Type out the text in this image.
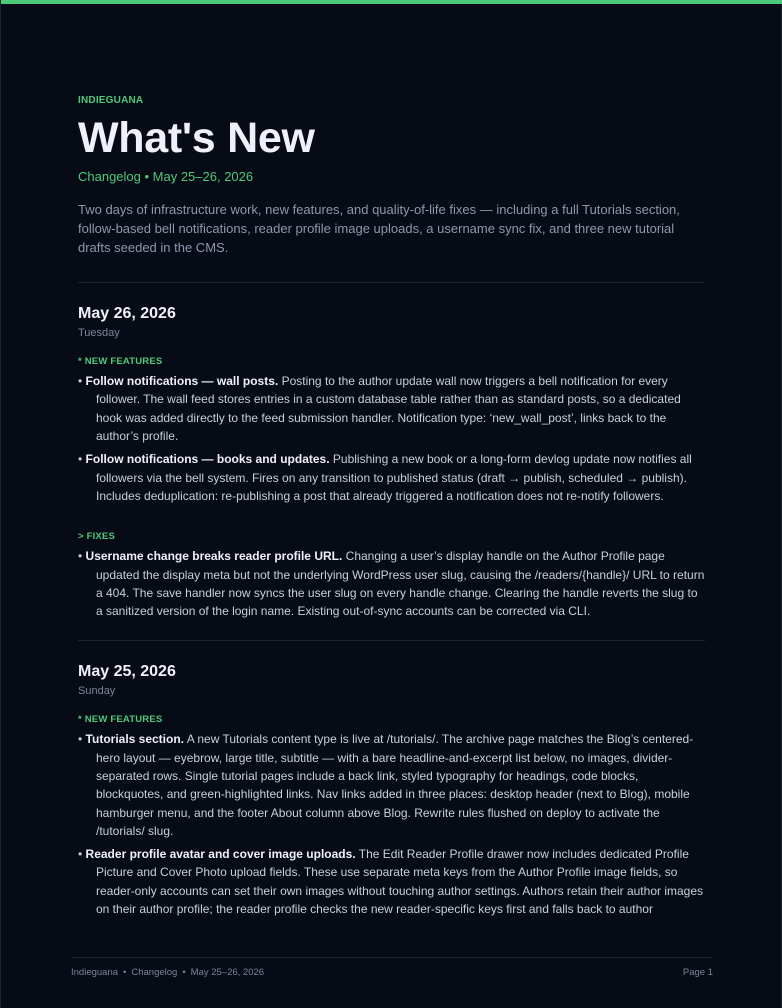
INDIEGUANA
What's New
Changelog • May 25–26, 2026

Two days of infrastructure work, new features, and quality-of-life fixes — including a full Tutorials section, follow-based bell notifications, reader profile image uploads, a username sync fix, and three new tutorial drafts seeded in the CMS.

May 26, 2026
Tuesday
* NEW FEATURES

• Follow notifications — wall posts. Posting to the author update wall now triggers a bell notification for every follower. The wall feed stores entries in a custom database table rather than as standard posts, so a dedicated hook was added directly to the feed submission handler. Notification type: ‘new_wall_post’, links back to the author’s profile.

• Follow notifications — books and updates. Publishing a new book or a long-form devlog update now notifies all followers via the bell system. Fires on any transition to published status (draft → publish, scheduled → publish). Includes deduplication: re-publishing a post that already triggered a notification does not re-notify followers.

> FIXES

• Username change breaks reader profile URL. Changing a user’s display handle on the Author Profile page updated the display meta but not the underlying WordPress user slug, causing the /readers/{handle}/ URL to return a 404. The save handler now syncs the user slug on every handle change. Clearing the handle reverts the slug to a sanitized version of the login name. Existing out-of-sync accounts can be corrected via CLI.

May 25, 2026
Sunday
* NEW FEATURES

• Tutorials section. A new Tutorials content type is live at /tutorials/. The archive page matches the Blog’s centered-hero layout — eyebrow, large title, subtitle — with a bare headline-and-excerpt list below, no images, divider-separated rows. Single tutorial pages include a back link, styled typography for headings, code blocks, blockquotes, and green-highlighted links. Nav links added in three places: desktop header (next to Blog), mobile hamburger menu, and the footer About column above Blog. Rewrite rules flushed on deploy to activate the /tutorials/ slug.

• Reader profile avatar and cover image uploads. The Edit Reader Profile drawer now includes dedicated Profile Picture and Cover Photo upload fields. These use separate meta keys from the Author Profile image fields, so reader-only accounts can set their own images without touching author settings. Authors retain their author images on their author profile; the reader profile checks the new reader-specific keys first and falls back to author

Indieguana • Changelog • May 25–26, 2026	Page 1
